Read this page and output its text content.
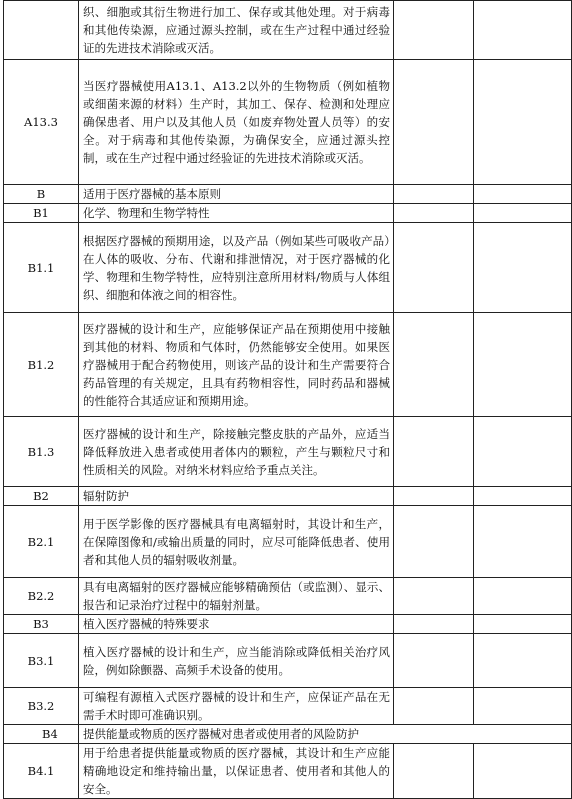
	织、细胞或其衍生物进行加工、保存或其他处理。对于病毒和其他传染源，应通过源头控制，或在生产过程中通过经验证的先进技术消除或灭活。		
A13.3	当医疗器械使用A13.1、A13.2以外的生物物质（例如植物或细菌来源的材料）生产时，其加工、保存、检测和处理应确保患者、用户以及其他人员（如废弃物处置人员等）的安全。对于病毒和其他传染源，为确保安全，应通过源头控制，或在生产过程中通过经验证的先进技术消除或灭活。		
B	适用于医疗器械的基本原则		
B1	化学、物理和生物学特性		
B1.1	根据医疗器械的预期用途，以及产品（例如某些可吸收产品）在人体的吸收、分布、代谢和排泄情况，对于医疗器械的化学、物理和生物学特性，应特别注意所用材料/物质与人体组织、细胞和体液之间的相容性。		
B1.2	医疗器械的设计和生产，应能够保证产品在预期使用中接触到其他的材料、物质和气体时，仍然能够安全使用。如果医疗器械用于配合药物使用，则该产品的设计和生产需要符合药品管理的有关规定，且具有药物相容性，同时药品和器械的性能符合其适应证和预期用途。		
B1.3	医疗器械的设计和生产，除接触完整皮肤的产品外，应适当降低释放进入患者或使用者体内的颗粒，产生与颗粒尺寸和性质相关的风险。对纳米材料应给予重点关注。		
B2	辐射防护		
B2.1	用于医学影像的医疗器械具有电离辐射时，其设计和生产，在保障图像和/或输出质量的同时，应尽可能降低患者、使用者和其他人员的辐射吸收剂量。		
B2.2	具有电离辐射的医疗器械应能够精确预估（或监测）、显示、报告和记录治疗过程中的辐射剂量。		
B3	植入医疗器械的特殊要求		
B3.1	植入医疗器械的设计和生产，应当能消除或降低相关治疗风险，例如除颤器、高频手术设备的使用。		
B3.2	可编程有源植入式医疗器械的设计和生产，应保证产品在无需手术时即可准确识别。		
B4	提供能量或物质的医疗器械对患者或使用者的风险防护		
B4.1	用于给患者提供能量或物质的医疗器械，其设计和生产应能精确地设定和维持输出量，以保证患者、使用者和其他人的安全。		
